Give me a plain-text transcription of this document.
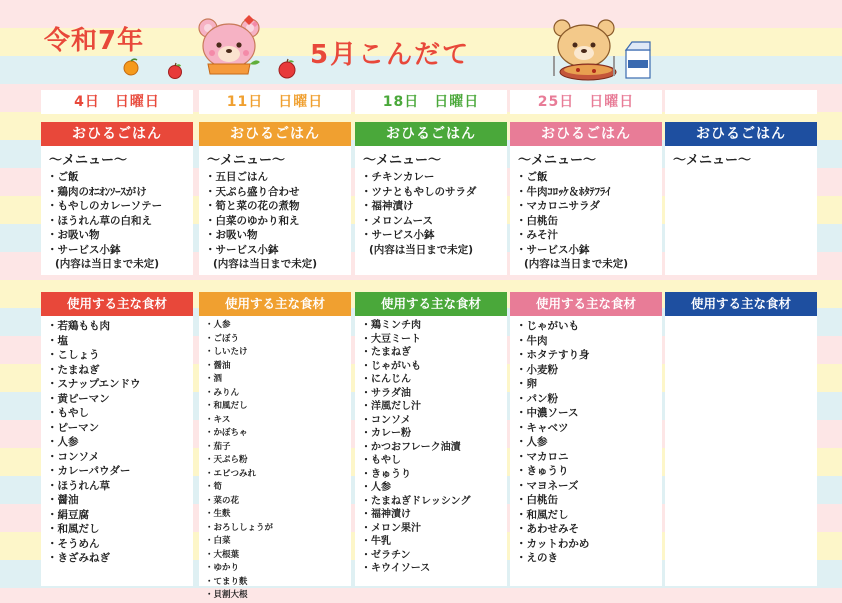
令和7年	5月こんだて
4日　日曜日
おひるごはん
〜メニュー〜
・ご飯
・鶏肉のｵﾆｵﾝｿｰｽがけ
・もやしのカレーソテー
・ほうれん草の白和え
・お吸い物
・サービス小鉢
(内容は当日まで未定)
使用する主な食材
・若鶏もも肉
・塩
・こしょう
・たまねぎ
・スナップエンドウ
・黄ピーマン
・もやし
・ピーマン
・人参
・コンソメ
・カレーパウダー
・ほうれん草
・醤油
・絹豆腐
・和風だし
・そうめん
・きざみねぎ
11日　日曜日
おひるごはん
〜メニュー〜
・五目ごはん
・天ぷら盛り合わせ
・筍と菜の花の煮物
・白菜のゆかり和え
・お吸い物
・サービス小鉢
(内容は当日まで未定)
使用する主な食材
・人参
・ごぼう
・しいたけ
・醤油
・酒
・みりん
・和風だし
・キス
・かぼちゃ
・茄子
・天ぷら粉
・エビつみれ
・筍
・菜の花
・生麩
・おろししょうが
・白菜
・大根葉
・ゆかり
・てまり麩
・貝割大根
18日　日曜日
おひるごはん
〜メニュー〜
・チキンカレー
・ツナともやしのサラダ
・福神漬け
・メロンムース
・サービス小鉢
(内容は当日まで未定)
使用する主な食材
・鶏ミンチ肉
・大豆ミート
・たまねぎ
・じゃがいも
・にんじん
・サラダ油
・洋風だし汁
・コンソメ
・カレー粉
・かつおフレーク油漬
・もやし
・きゅうり
・人参
・たまねぎドレッシング
・福神漬け
・メロン果汁
・牛乳
・ゼラチン
・キウイソース
25日　日曜日
おひるごはん
〜メニュー〜
・ご飯
・牛肉ｺﾛｯｹ＆ﾎﾀﾃﾌﾗｲ
・マカロニサラダ
・白桃缶
・みそ汁
・サービス小鉢
(内容は当日まで未定)
使用する主な食材
・じゃがいも
・牛肉
・ホタテすり身
・小麦粉
・卵
・パン粉
・中濃ソース
・キャベツ
・人参
・マカロニ
・きゅうり
・マヨネーズ
・白桃缶
・和風だし
・あわせみそ
・カットわかめ
・えのき
おひるごはん
〜メニュー〜
使用する主な食材
